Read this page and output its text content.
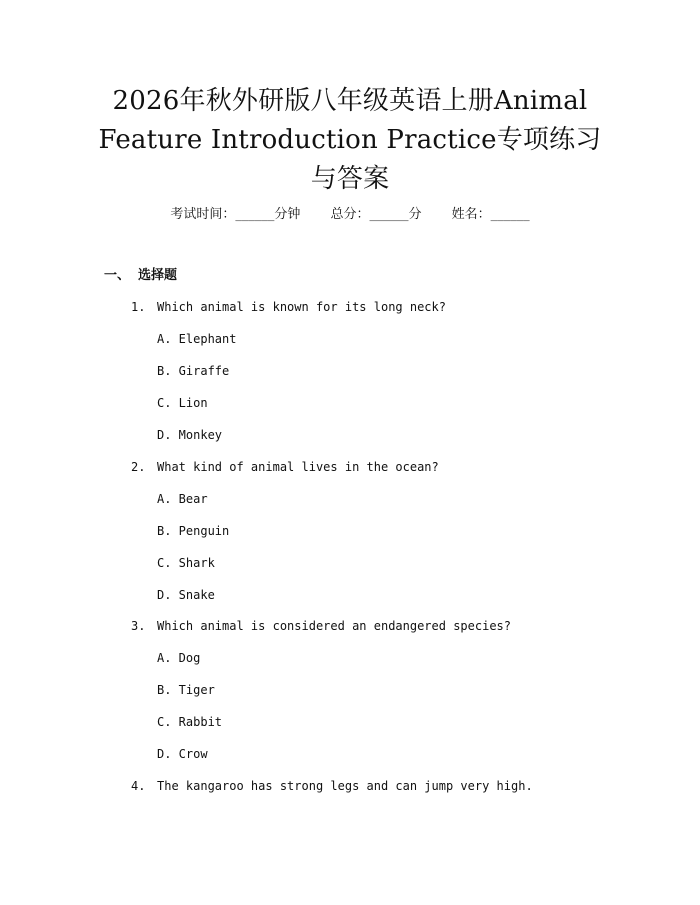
2026年秋外研版八年级英语上册Animal
Feature Introduction Practice专项练习
与答案
考试时间：______分钟 总分：______分 姓名：______
一、 选择题
1. Which animal is known for its long neck?
A. Elephant
B. Giraffe
C. Lion
D. Monkey
2. What kind of animal lives in the ocean?
A. Bear
B. Penguin
C. Shark
D. Snake
3. Which animal is considered an endangered species?
A. Dog
B. Tiger
C. Rabbit
D. Crow
4. The kangaroo has strong legs and can jump very high.
